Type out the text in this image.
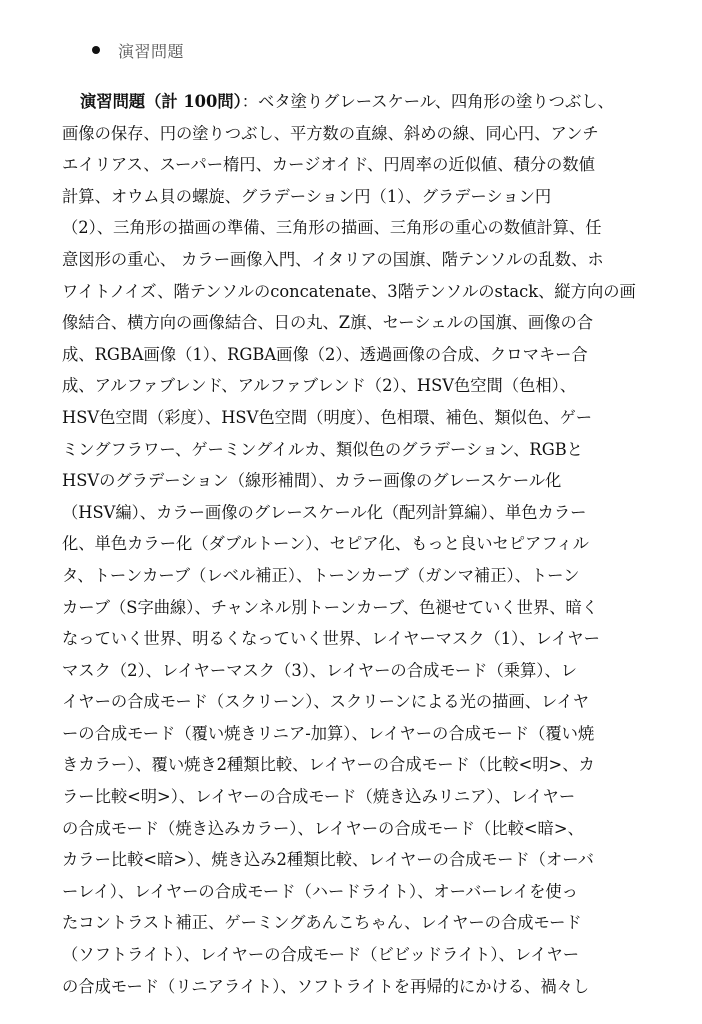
演習問題
演習問題（計 100問）：ベタ塗りグレースケール、四角形の塗りつぶし、
画像の保存、円の塗りつぶし、平方数の直線、斜めの線、同心円、アンチ
エイリアス、スーパー楕円、カージオイド、円周率の近似値、積分の数値
計算、オウム貝の螺旋、グラデーション円（1）、グラデーション円
（2）、三角形の描画の準備、三角形の描画、三角形の重心の数値計算、任
意図形の重心、 カラー画像入門、イタリアの国旗、階テンソルの乱数、ホ
ワイトノイズ、階テンソルのconcatenate、3階テンソルのstack、縦方向の画
像結合、横方向の画像結合、日の丸、Z旗、セーシェルの国旗、画像の合
成、RGBA画像（1）、RGBA画像（2）、透過画像の合成、クロマキー合
成、アルファブレンド、アルファブレンド（2）、HSV色空間（色相）、
HSV色空間（彩度）、HSV色空間（明度）、色相環、補色、類似色、ゲー
ミングフラワー、ゲーミングイルカ、類似色のグラデーション、RGBと
HSVのグラデーション（線形補間）、カラー画像のグレースケール化
（HSV編）、カラー画像のグレースケール化（配列計算編）、単色カラー
化、単色カラー化（ダブルトーン）、セピア化、もっと良いセピアフィル
タ、トーンカーブ（レベル補正）、トーンカーブ（ガンマ補正）、トーン
カーブ（S字曲線）、チャンネル別トーンカーブ、色褪せていく世界、暗く
なっていく世界、明るくなっていく世界、レイヤーマスク（1）、レイヤー
マスク（2）、レイヤーマスク（3）、レイヤーの合成モード（乗算）、レ
イヤーの合成モード（スクリーン）、スクリーンによる光の描画、レイヤ
ーの合成モード（覆い焼きリニア-加算）、レイヤーの合成モード（覆い焼
きカラー）、覆い焼き2種類比較、レイヤーの合成モード（比較<明>、カ
ラー比較<明>）、レイヤーの合成モード（焼き込みリニア）、レイヤー
の合成モード（焼き込みカラー）、レイヤーの合成モード（比較<暗>、
カラー比較<暗>）、焼き込み2種類比較、レイヤーの合成モード（オーバ
ーレイ）、レイヤーの合成モード（ハードライト）、オーバーレイを使っ
たコントラスト補正、ゲーミングあんこちゃん、レイヤーの合成モード
（ソフトライト）、レイヤーの合成モード（ビビッドライト）、レイヤー
の合成モード（リニアライト）、ソフトライトを再帰的にかける、禍々し
